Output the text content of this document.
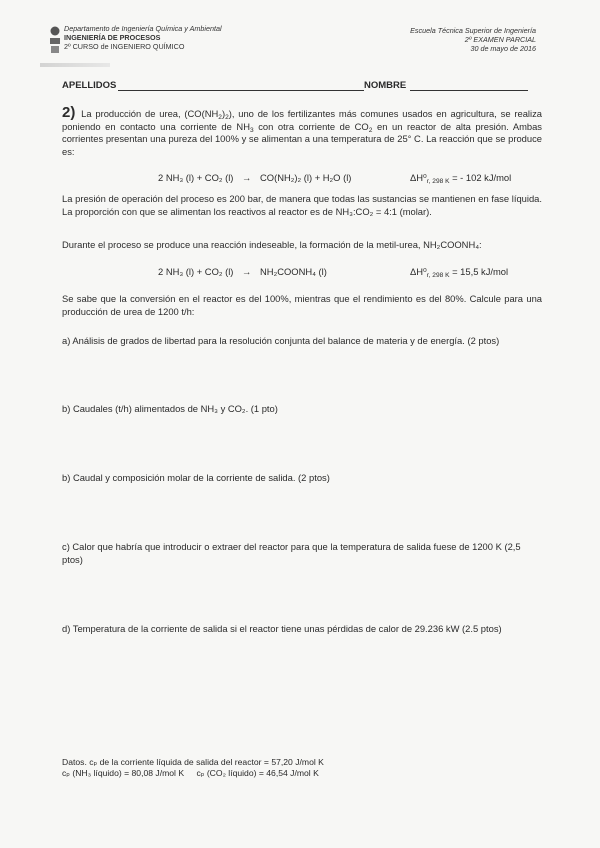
Departamento de Ingeniería Química y Ambiental
INGENIERÍA DE PROCESOS
2º CURSO de INGENIERO QUÍMICO
Escuela Técnica Superior de Ingeniería
2º EXAMEN PARCIAL
30 de mayo de 2016
APELLIDOS	NOMBRE
2) La producción de urea, $(CO(NH_2)_2)$, uno de los fertilizantes más comunes usados en agricultura, se realiza poniendo en contacto una corriente de $NH_3$ con otra corriente de $CO_2$ en un reactor de alta presión. Ambas corrientes presentan una pureza del 100% y se alimentan a una temperatura de 25° C. La reacción que se produce es:
2 NH₃ (l) + CO₂ (l) → CO(NH₂)₂ (l) + H₂O (l)	$\Delta H^0_{r, 298 K}$ = - 102 kJ/mol
La presión de operación del proceso es 200 bar, de manera que todas las sustancias se mantienen en fase líquida. La proporción con que se alimentan los reactivos al reactor es de NH₃:CO₂ = 4:1 (molar).
Durante el proceso se produce una reacción indeseable, la formación de la metil-urea, NH₂COONH₄:
2 NH₃ (l) + CO₂ (l) → NH₂COONH₄ (l)	$\Delta H^0_{r, 298 K} = 15,5$ kJ/mol
Se sabe que la conversión en el reactor es del 100%, mientras que el rendimiento es del 80%. Calcule para una producción de urea de 1200 t/h:
a) Análisis de grados de libertad para la resolución conjunta del balance de materia y de energía. (2 ptos)
b) Caudales (t/h) alimentados de NH₃ y CO₂. (1 pto)
b) Caudal y composición molar de la corriente de salida. (2 ptos)
c) Calor que habría que introducir o extraer del reactor para que la temperatura de salida fuese de 1200 K (2,5 ptos)
d) Temperatura de la corriente de salida si el reactor tiene unas pérdidas de calor de 29.236 kW (2.5 ptos)
Datos. cₚ de la corriente líquida de salida del reactor = 57,20 J/mol K
cₚ (NH₃ líquido) = 80,08 J/mol K cₚ (CO₂ líquido) = 46,54 J/mol K
